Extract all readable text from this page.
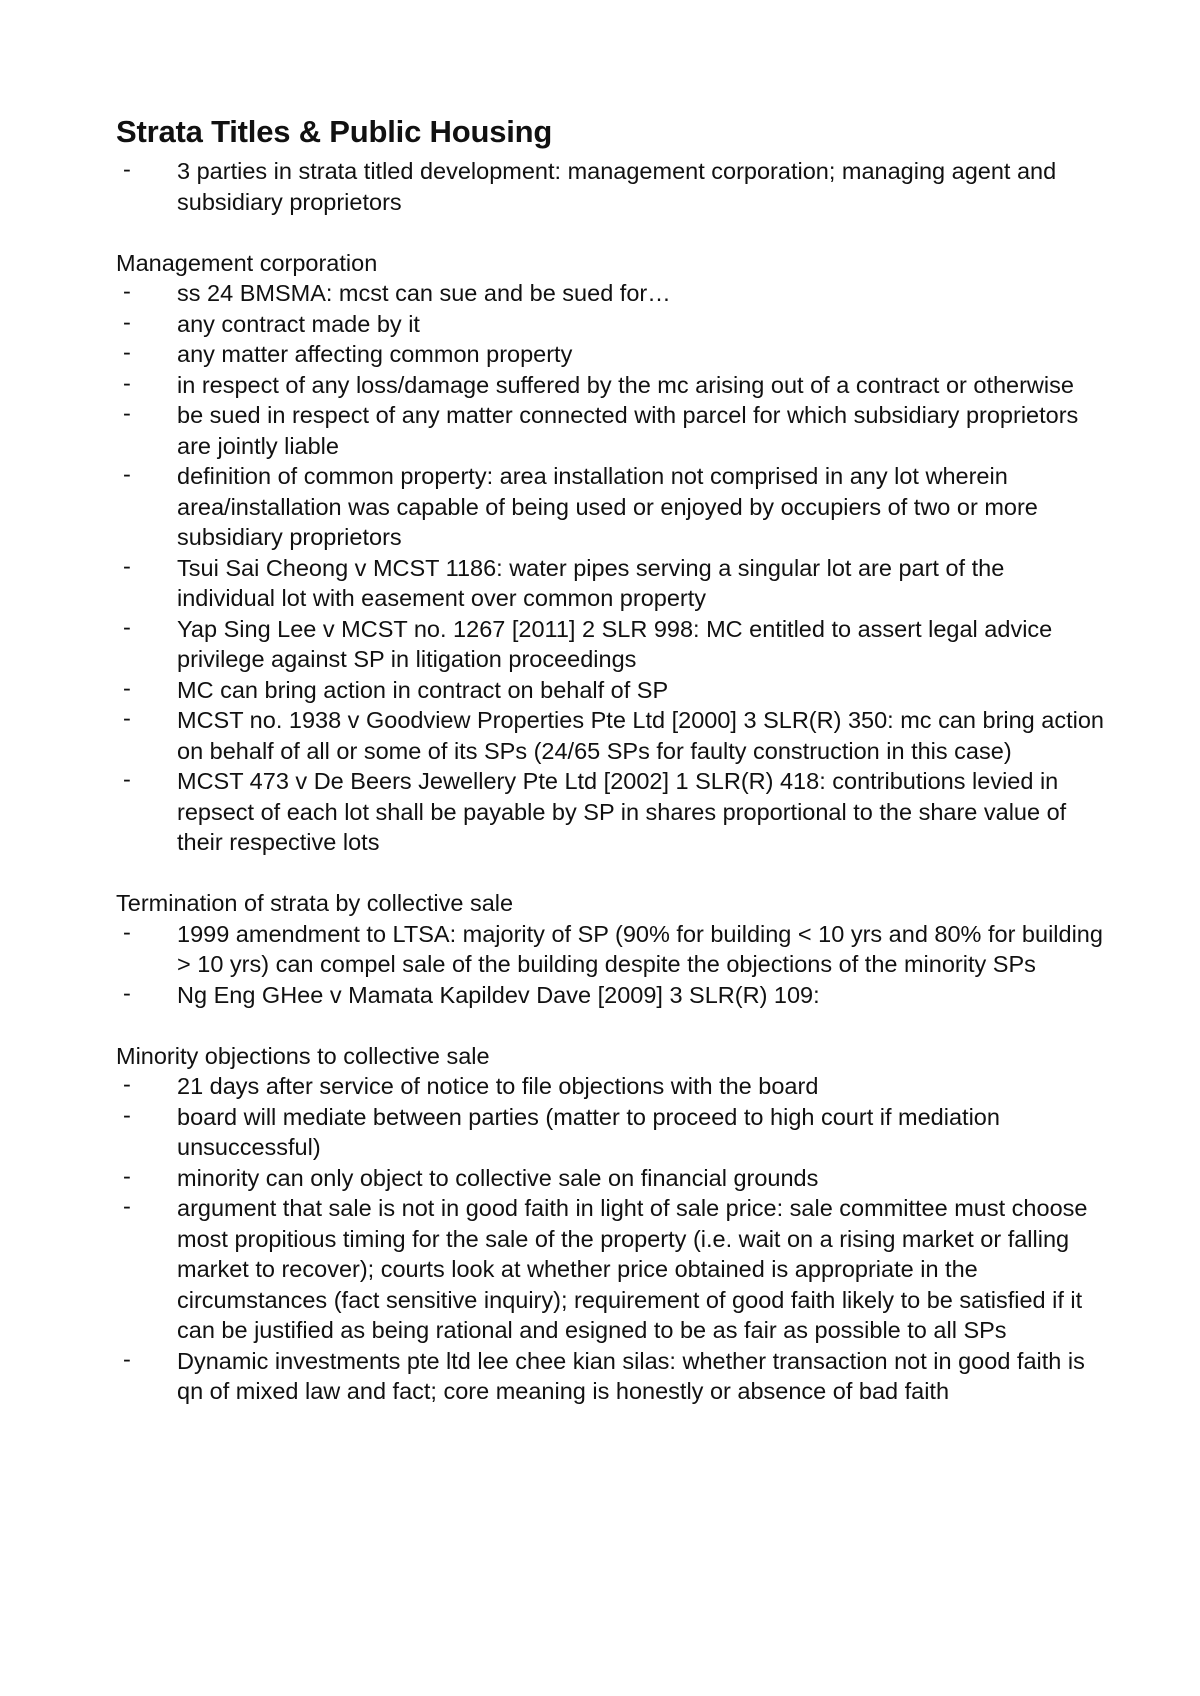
Strata Titles & Public Housing
- 3 parties in strata titled development: management corporation; managing agent and subsidiary proprietors

Management corporation

- ss 24 BMSMA: mcst can sue and be sued for…
- any contract made by it
- any matter affecting common property
- in respect of any loss/damage suffered by the mc arising out of a contract or otherwise
- be sued in respect of any matter connected with parcel for which subsidiary proprietors are jointly liable
- definition of common property: area installation not comprised in any lot wherein area/installation was capable of being used or enjoyed by occupiers of two or more subsidiary proprietors
- Tsui Sai Cheong v MCST 1186: water pipes serving a singular lot are part of the individual lot with easement over common property
- Yap Sing Lee v MCST no. 1267 [2011] 2 SLR 998: MC entitled to assert legal advice privilege against SP in litigation proceedings
- MC can bring action in contract on behalf of SP
- MCST no. 1938 v Goodview Properties Pte Ltd [2000] 3 SLR(R) 350: mc can bring action on behalf of all or some of its SPs (24/65 SPs for faulty construction in this case)
- MCST 473 v De Beers Jewellery Pte Ltd [2002] 1 SLR(R) 418: contributions levied in repsect of each lot shall be payable by SP in shares proportional to the share value of their respective lots

Termination of strata by collective sale

- 1999 amendment to LTSA: majority of SP (90% for building < 10 yrs and 80% for building > 10 yrs) can compel sale of the building despite the objections of the minority SPs
- Ng Eng GHee v Mamata Kapildev Dave [2009] 3 SLR(R) 109:

Minority objections to collective sale

- 21 days after service of notice to file objections with the board
- board will mediate between parties (matter to proceed to high court if mediation unsuccessful)
- minority can only object to collective sale on financial grounds
- argument that sale is not in good faith in light of sale price: sale committee must choose most propitious timing for the sale of the property (i.e. wait on a rising market or falling market to recover); courts look at whether price obtained is appropriate in the circumstances (fact sensitive inquiry); requirement of good faith likely to be satisfied if it can be justified as being rational and esigned to be as fair as possible to all SPs
- Dynamic investments pte ltd lee chee kian silas: whether transaction not in good faith is qn of mixed law and fact; core meaning is honestly or absence of bad faith
